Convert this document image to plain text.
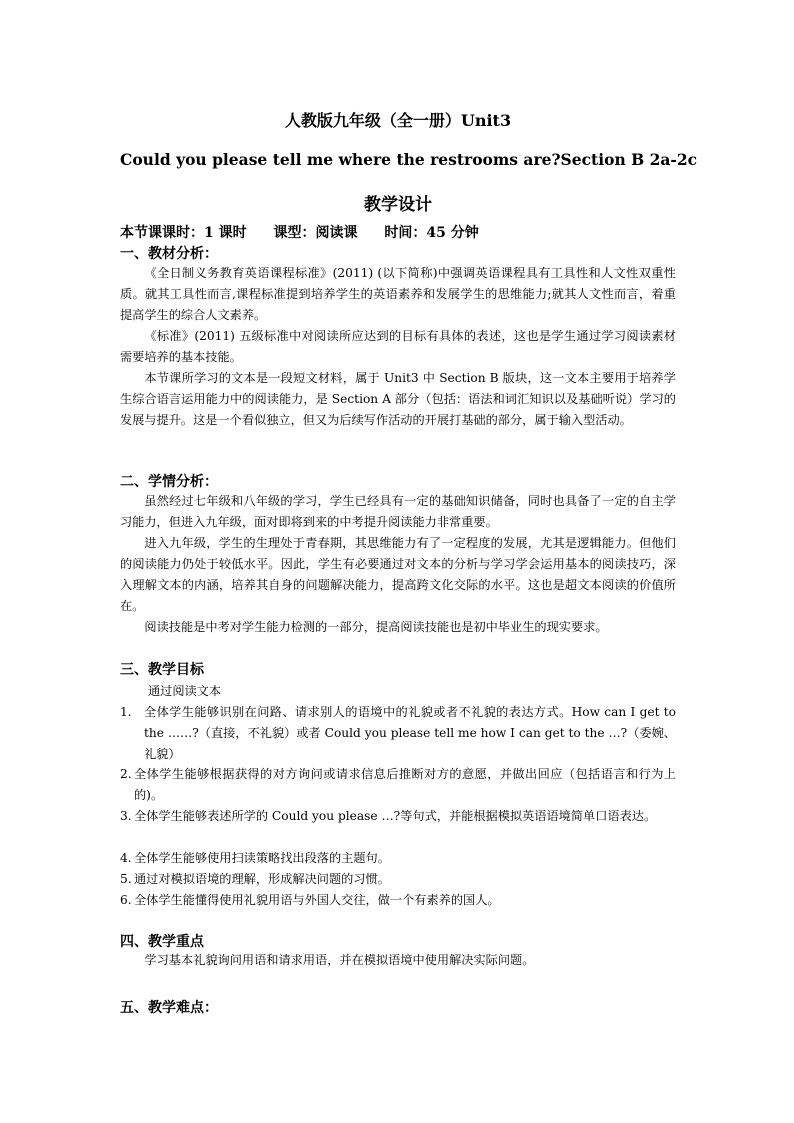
人教版九年级（全一册）Unit3
Could you please tell me where the restrooms are?Section B 2a-2c
教学设计
本节课课时：1 课时 课型：阅读课 时间：45 分钟
一、教材分析：
《全日制义务教育英语课程标准》(2011) (以下简称)中强调英语课程具有工具性和人文性双重性质。就其工具性而言,课程标准提到培养学生的英语素养和发展学生的思维能力;就其人文性而言，着重提高学生的综合人文素养。
《标准》(2011) 五级标准中对阅读所应达到的目标有具体的表述，这也是学生通过学习阅读素材需要培养的基本技能。
本节课所学习的文本是一段短文材料，属于 Unit3 中 Section B 版块，这一文本主要用于培养学生综合语言运用能力中的阅读能力，是 Section A 部分（包括：语法和词汇知识以及基础听说）学习的发展与提升。这是一个看似独立，但又为后续写作活动的开展打基础的部分，属于输入型活动。
二、学情分析：
虽然经过七年级和八年级的学习，学生已经具有一定的基础知识储备，同时也具备了一定的自主学习能力，但进入九年级，面对即将到来的中考提升阅读能力非常重要。
进入九年级，学生的生理处于青春期，其思维能力有了一定程度的发展，尤其是逻辑能力。但他们的阅读能力仍处于较低水平。因此，学生有必要通过对文本的分析与学习学会运用基本的阅读技巧，深入理解文本的内涵，培养其自身的问题解决能力，提高跨文化交际的水平。这也是超文本阅读的价值所在。
阅读技能是中考对学生能力检测的一部分，提高阅读技能也是初中毕业生的现实要求。
三、教学目标
通过阅读文本
1.	全体学生能够识别在问路、请求别人的语境中的礼貌或者不礼貌的表达方式。How can I get to the ……?（直接，不礼貌）或者 Could you please tell me how I can get to the …?（委婉、礼貌）
2. 全体学生能够根据获得的对方询问或请求信息后推断对方的意愿，并做出回应（包括语言和行为上的)。
3. 全体学生能够表述所学的 Could you please …?等句式，并能根据模拟英语语境简单口语表达。
4. 全体学生能够使用扫读策略找出段落的主题句。
5. 通过对模拟语境的理解，形成解决问题的习惯。
6. 全体学生能懂得使用礼貌用语与外国人交往，做一个有素养的国人。
四、教学重点
学习基本礼貌询问用语和请求用语，并在模拟语境中使用解决实际问题。
五、教学难点：
